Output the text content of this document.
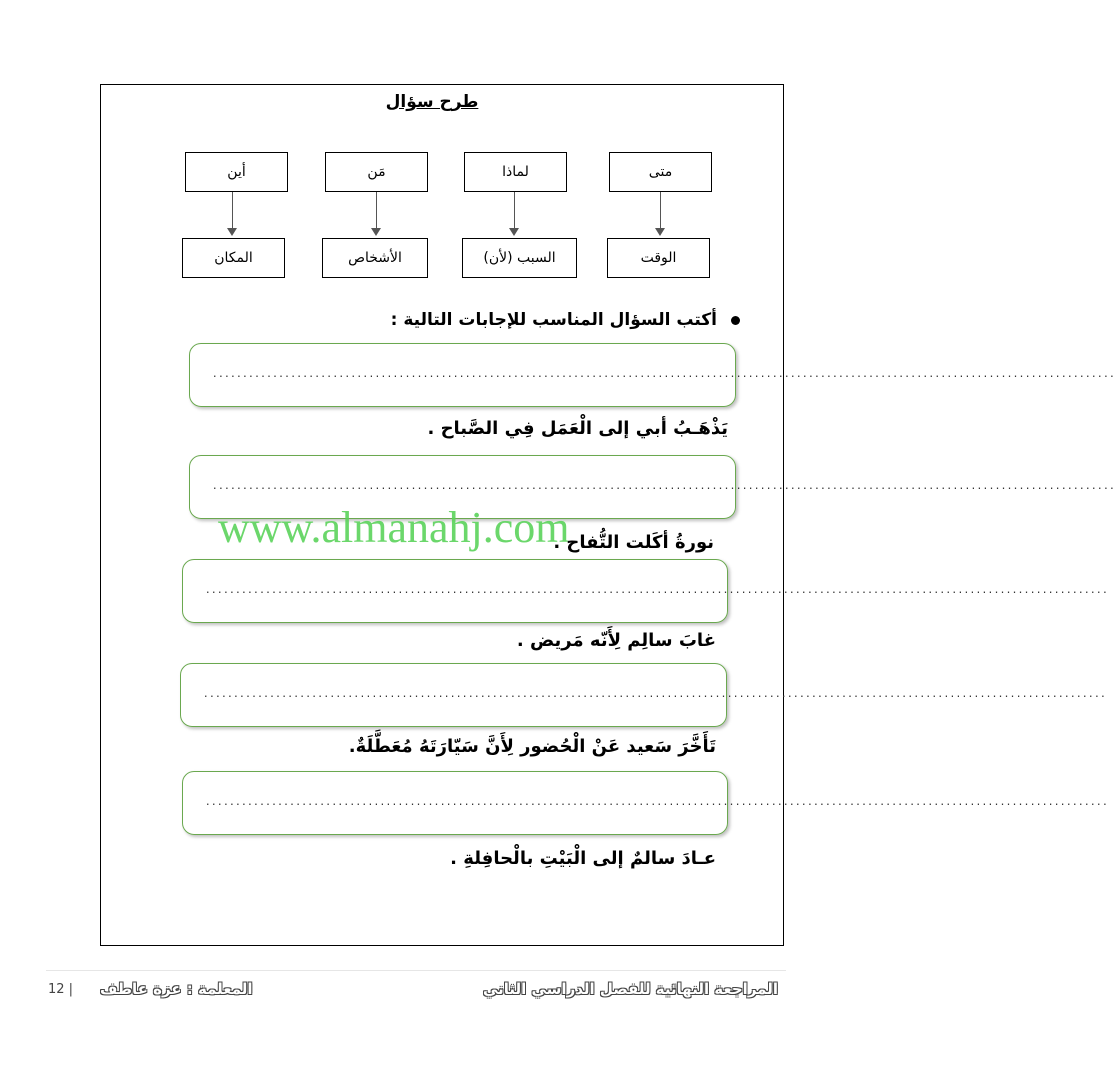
طرح سؤال
متى
لماذا
مَن
أين
الوقت
السبب (لأن)
الأشخاص
المكان
أكتب السؤال المناسب للإجابات التالية :
......................................................................................................................................................
يَذْهَـبُ أبي إلى الْعَمَل فِي الصَّباح .
......................................................................................................................................................
www.almanahj.com
نورةُ أكَلت التُّفاح .
......................................................................................................................................................
غابَ سالِم لِأَنّه مَريض .
......................................................................................................................................................
تَأَخَّرَ سَعيد عَنْ الْحُضور لِأَنَّ سَيّارَتَهُ مُعَطَّلَةٌ.
......................................................................................................................................................
عـادَ سالمٌ إلى الْبَيْتِ بالْحافِلةِ .
المراجعة النهائية للفصل الدراسي الثاني
المعلمة : عزة عاطف
12 |
